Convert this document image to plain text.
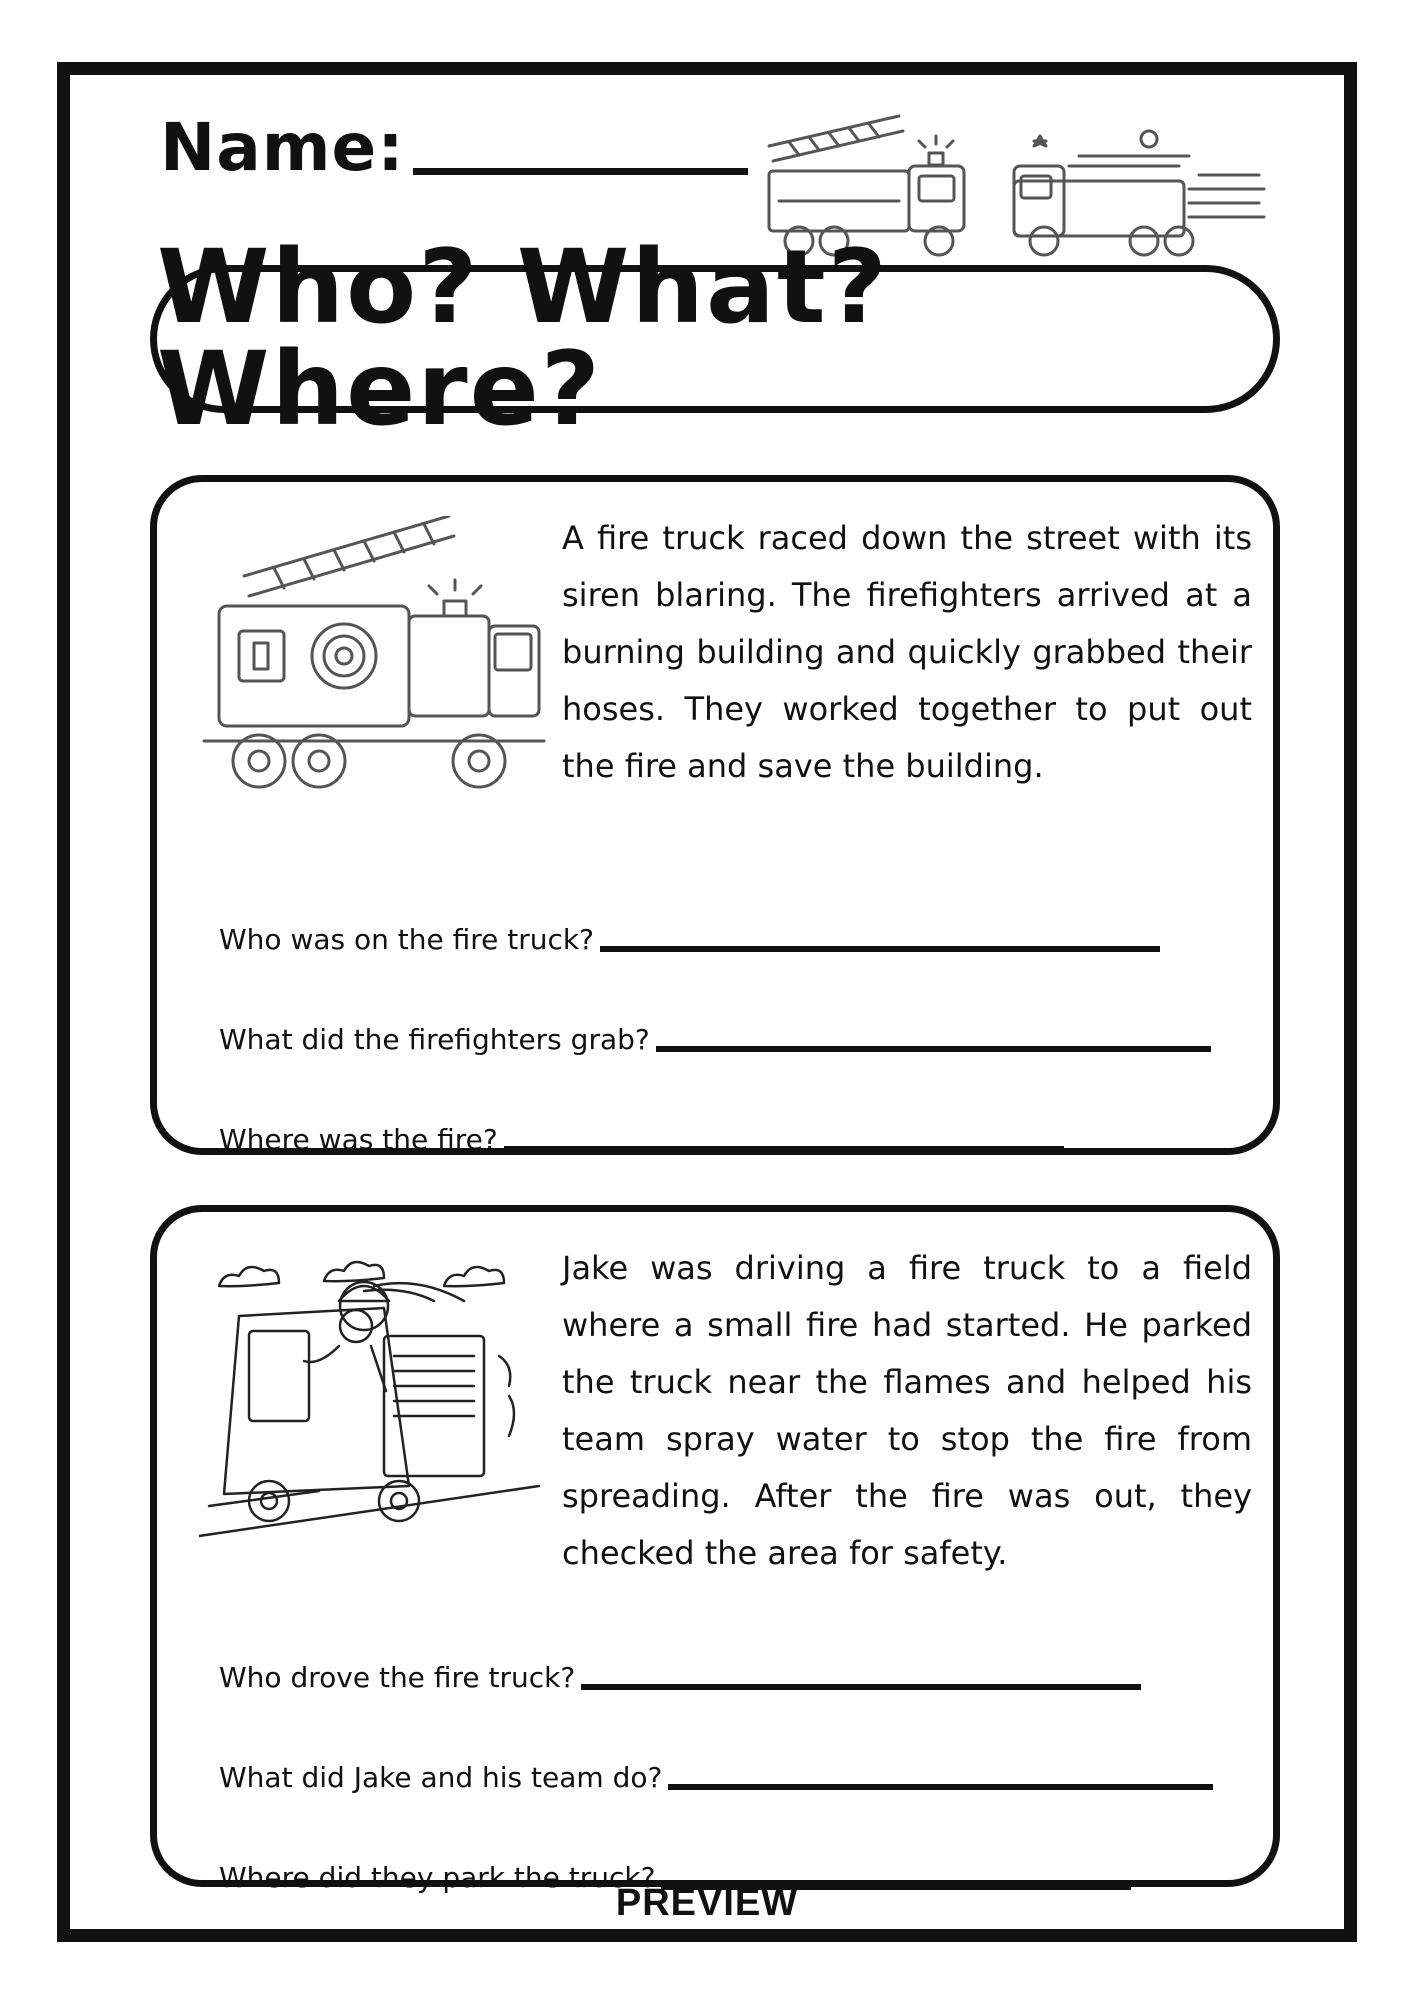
Name:
Who? What? Where?

A fire truck raced down the street with its siren blaring. The firefighters arrived at a burning building and quickly grabbed their hoses. They worked together to put out the fire and save the building.

Who was on the fire truck?
What did the firefighters grab?
Where was the fire?

Jake was driving a fire truck to a field where a small fire had started. He parked the truck near the flames and helped his team spray water to stop the fire from spreading. After the fire was out, they checked the area for safety.

Who drove the fire truck?
What did Jake and his team do?
Where did they park the truck?
PREVIEW
